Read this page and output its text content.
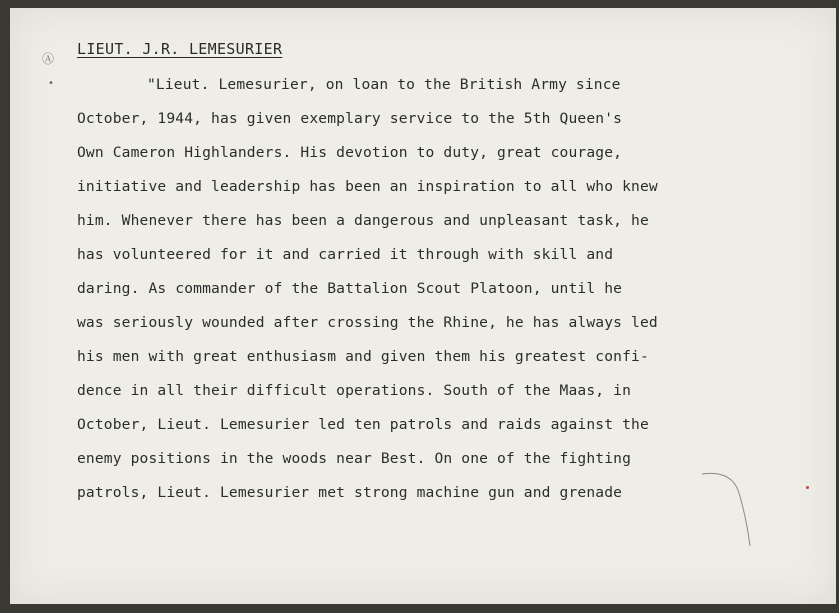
Ⓐ
•
LIEUT. J.R. LEMESURIER
"Lieut. Lemesurier, on loan to the British Army since
October, 1944, has given exemplary service to the 5th Queen's
Own Cameron Highlanders. His devotion to duty, great courage,
initiative and leadership has been an inspiration to all who knew
him. Whenever there has been a dangerous and unpleasant task, he
has volunteered for it and carried it through with skill and
daring. As commander of the Battalion Scout Platoon, until he
was seriously wounded after crossing the Rhine, he has always led
his men with great enthusiasm and given them his greatest confi-
dence in all their difficult operations. South of the Maas, in
October, Lieut. Lemesurier led ten patrols and raids against the
enemy positions in the woods near Best. On one of the fighting
patrols, Lieut. Lemesurier met strong machine gun and grenade
